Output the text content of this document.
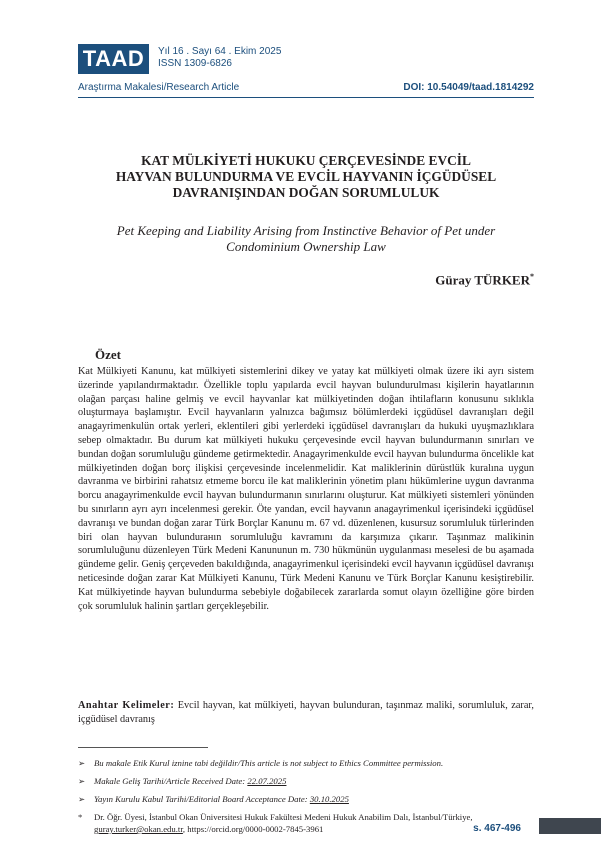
TAAD	Yıl 16 . Sayı 64 . Ekim 2025
ISSN 1309-6826
Araştırma Makalesi/Research Article	DOI: 10.54049/taad.1814292
KAT MÜLKİYETİ HUKUKU ÇERÇEVESİNDE EVCİL
HAYVAN BULUNDURMA VE EVCİL HAYVANIN İÇGÜDÜSEL
DAVRANIŞINDAN DOĞAN SORUMLULUK
Pet Keeping and Liability Arising from Instinctive Behavior of Pet under
Condominium Ownership Law
Güray TÜRKER*
Özet
Kat Mülkiyeti Kanunu, kat mülkiyeti sistemlerini dikey ve yatay kat mülkiyeti olmak üzere iki ayrı sistem üzerinde yapılandırmaktadır. Özellikle toplu yapılarda evcil hayvan bulundurulması kişilerin hayatlarının olağan parçası haline gelmiş ve evcil hayvanlar kat mülkiyetinden doğan ihtilafların konusunu sıklıkla oluşturmaya başlamıştır. Evcil hayvanların yalnızca bağımsız bölümlerdeki içgüdüsel davranışları değil anagayrimenkulün ortak yerleri, eklentileri gibi yerlerdeki içgüdüsel davranışları da hukuki uyuşmazlıklara sebep olmaktadır. Bu durum kat mülkiyeti hukuku çerçevesinde evcil hayvan bulundurmanın sınırları ve bundan doğan sorumluluğu gündeme getirmektedir. Anagayrimenkulde evcil hayvan bulundurma öncelikle kat mülkiyetinden doğan borç ilişkisi çerçevesinde incelenmelidir. Kat maliklerinin dürüstlük kuralına uygun davranma ve birbirini rahatsız etmeme borcu ile kat maliklerinin yönetim planı hükümlerine uygun davranma borcu anagayrimenkulde evcil hayvan bulundurmanın sınırlarını oluşturur. Kat mülkiyeti sistemleri yönünden bu sınırların ayrı ayrı incelenmesi gerekir. Öte yandan, evcil hayvanın anagayrimenkul içerisindeki içgüdüsel davranışı ve bundan doğan zarar Türk Borçlar Kanunu m. 67 vd. düzenlenen, kusursuz sorumluluk türlerinden biri olan hayvan bulundurанın sorumluluğu kavramını da karşımıza çıkarır. Taşınmaz malikinin sorumluluğunu düzenleyen Türk Medeni Kanununun m. 730 hükmünün uygulanması meselesi de bu aşamada gündeme gelir. Geniş çerçeveden bakıldığında, anagayrimenkul içerisindeki evcil hayvanın içgüdüsel davranışı neticesinde doğan zarar Kat Mülkiyeti Kanunu, Türk Medeni Kanunu ve Türk Borçlar Kanunu kesiştirebilir. Kat mülkiyetinde hayvan bulundurma sebebiyle doğabilecek zararlarda somut olayın özelliğine göre birden çok sorumluluk halinin şartları gerçekleşebilir.
Anahtar Kelimeler: Evcil hayvan, kat mülkiyeti, hayvan bulunduran, taşınmaz maliki, sorumluluk, zarar, içgüdüsel davranış
➢	Bu makale Etik Kurul iznine tabi değildir/This article is not subject to Ethics Committee permission.
➢	Makale Geliş Tarihi/Article Received Date: 22.07.2025
➢	Yayın Kurulu Kabul Tarihi/Editorial Board Acceptance Date: 30.10.2025
*	Dr. Öğr. Üyesi, İstanbul Okan Üniversitesi Hukuk Fakültesi Medeni Hukuk Anabilim Dalı, İstanbul/Türkiye,
guray.turker@okan.edu.tr, https://orcid.org/0000-0002-7845-3961	s. 467-496
